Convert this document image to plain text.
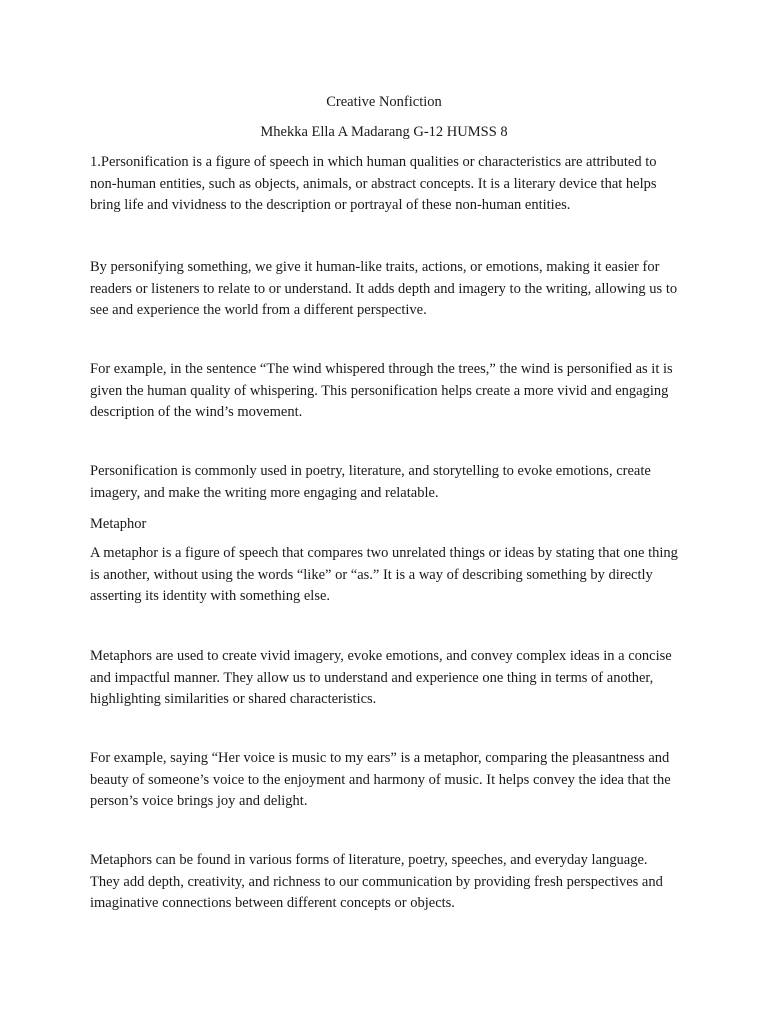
Creative Nonfiction
Mhekka Ella A Madarang G-12 HUMSS 8

1.Personification is a figure of speech in which human qualities or characteristics are attributed to non-human entities, such as objects, animals, or abstract concepts. It is a literary device that helps bring life and vividness to the description or portrayal of these non-human entities.

By personifying something, we give it human-like traits, actions, or emotions, making it easier for readers or listeners to relate to or understand. It adds depth and imagery to the writing, allowing us to see and experience the world from a different perspective.

For example, in the sentence “The wind whispered through the trees,” the wind is personified as it is given the human quality of whispering. This personification helps create a more vivid and engaging description of the wind’s movement.

Personification is commonly used in poetry, literature, and storytelling to evoke emotions, create imagery, and make the writing more engaging and relatable.

Metaphor

A metaphor is a figure of speech that compares two unrelated things or ideas by stating that one thing is another, without using the words “like” or “as.” It is a way of describing something by directly asserting its identity with something else.

Metaphors are used to create vivid imagery, evoke emotions, and convey complex ideas in a concise and impactful manner. They allow us to understand and experience one thing in terms of another, highlighting similarities or shared characteristics.

For example, saying “Her voice is music to my ears” is a metaphor, comparing the pleasantness and beauty of someone’s voice to the enjoyment and harmony of music. It helps convey the idea that the person’s voice brings joy and delight.

Metaphors can be found in various forms of literature, poetry, speeches, and everyday language. They add depth, creativity, and richness to our communication by providing fresh perspectives and imaginative connections between different concepts or objects.
